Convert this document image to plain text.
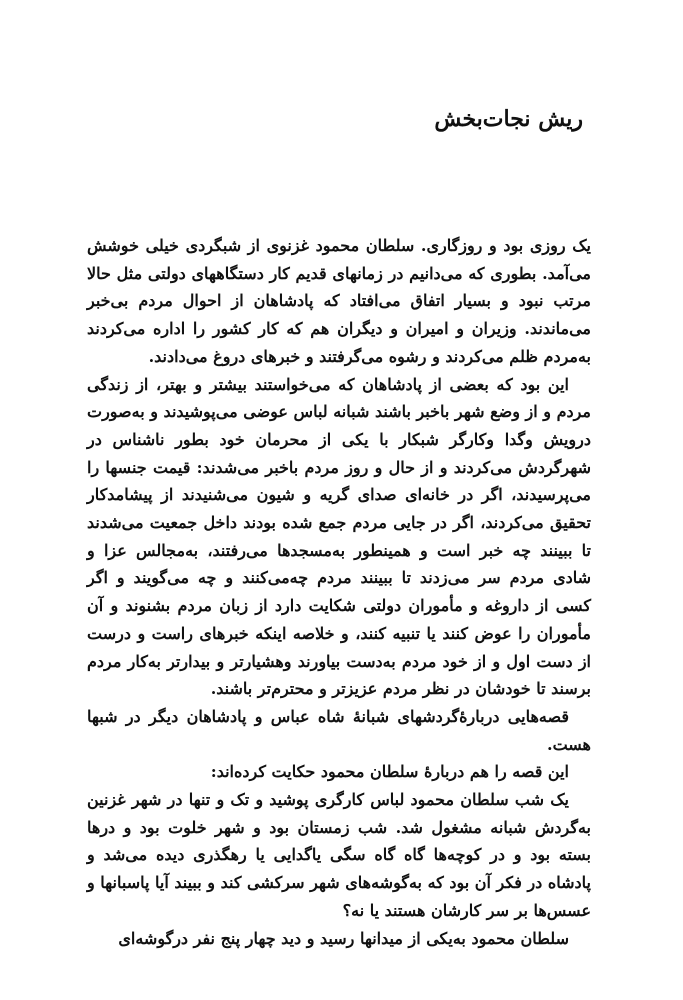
ریش نجات‌بخش

یک روزی بود و روزگاری. سلطان محمود غزنوی از شبگردی خیلی خوشش می‌آمد. بطوری که می‌دانیم در زمانهای قدیم کار دستگاههای دولتی مثل حالا مرتب نبود و بسیار اتفاق می‌افتاد که پادشاهان از احوال مردم بی‌خبر می‌ماندند. وزیران و امیران و دیگران هم که کار کشور را اداره می‌کردند به‌مردم ظلم می‌کردند و رشوه می‌گرفتند و خبرهای دروغ می‌دادند.

این بود که بعضی از پادشاهان که می‌خواستند بیشتر و بهتر، از زندگی مردم و از وضع شهر باخبر باشند شبانه لباس عوضی می‌پوشیدند و به‌صورت درویش وگدا وکارگر شبکار با یکی از محرمان خود بطور ناشناس در شهرگردش می‌کردند و از حال و روز مردم باخبر می‌شدند: قیمت جنسها را می‌پرسیدند، اگر در خانه‌ای صدای گریه و شیون می‌شنیدند از پیشامدکار تحقیق می‌کردند، اگر در جایی مردم جمع شده بودند داخل جمعیت می‌شدند تا ببینند چه خبر است و همینطور به‌مسجدها می‌رفتند، به‌مجالس عزا و شادی مردم سر می‌زدند تا ببینند مردم چه‌می‌کنند و چه می‌گویند و اگر کسی از داروغه و مأموران دولتی شکایت دارد از زبان مردم بشنوند و آن مأموران را عوض کنند یا تنبیه کنند، و خلاصه اینکه خبرهای راست و درست از دست اول و از خود مردم به‌دست بیاورند وهشیارتر و بیدارتر به‌کار مردم برسند تا خودشان در نظر مردم عزیزتر و محترم‌تر باشند.

قصه‌هایی دربارهٔ‌گردشهای شبانهٔ شاه عباس و پادشاهان دیگر در شبها هست.

این قصه را هم دربارهٔ سلطان محمود حکایت کرده‌اند:

یک شب سلطان محمود لباس کارگری پوشید و تک و تنها در شهر غزنین به‌گردش شبانه مشغول شد. شب زمستان بود و شهر خلوت بود و درها بسته بود و در کوچه‌ها گاه گاه سگی یاگدایی یا رهگذری دیده می‌شد و پادشاه در فکر آن بود که به‌گوشه‌های شهر سرکشی کند و ببیند آیا پاسبانها و عسس‌ها بر سر کارشان هستند یا نه؟

سلطان محمود به‌یکی از میدانها رسید و دید چهار پنج نفر درگوشه‌ای
